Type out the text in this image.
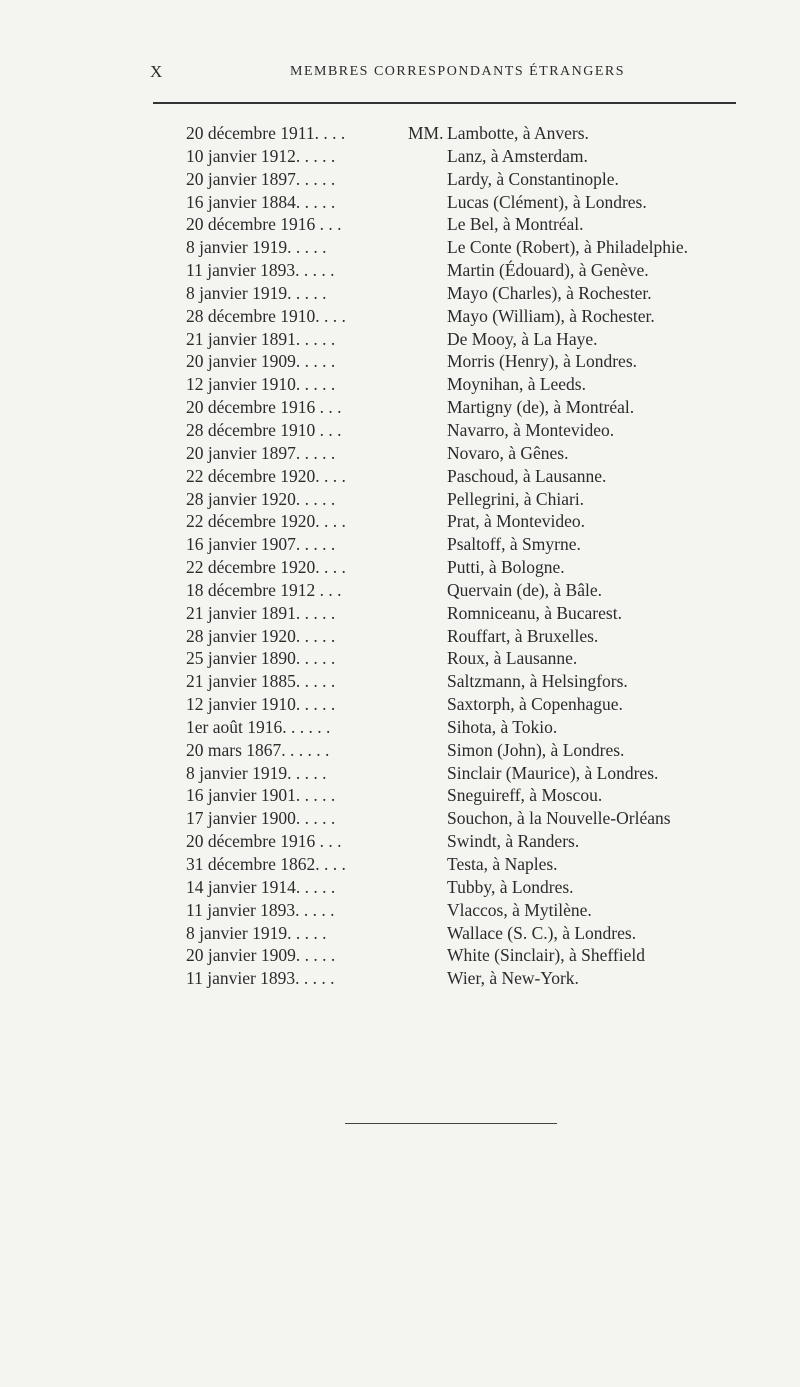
X	MEMBRES CORRESPONDANTS ÉTRANGERS
20 décembre 1911. . . .	MM. Lambotte, à Anvers.
10 janvier 1912. . . . .	Lanz, à Amsterdam.
20 janvier 1897. . . . .	Lardy, à Constantinople.
16 janvier 1884. . . . .	Lucas (Clément), à Londres.
20 décembre 1916 . . .	Le Bel, à Montréal.
8 janvier 1919. . . . .	Le Conte (Robert), à Philadelphie.
11 janvier 1893. . . . .	Martin (Édouard), à Genève.
8 janvier 1919. . . . .	Mayo (Charles), à Rochester.
28 décembre 1910. . . .	Mayo (William), à Rochester.
21 janvier 1891. . . . .	De Mooy, à La Haye.
20 janvier 1909. . . . .	Morris (Henry), à Londres.
12 janvier 1910. . . . .	Moynihan, à Leeds.
20 décembre 1916 . . .	Martigny (de), à Montréal.
28 décembre 1910 . . .	Navarro, à Montevideo.
20 janvier 1897. . . . .	Novaro, à Gênes.
22 décembre 1920. . . .	Paschoud, à Lausanne.
28 janvier 1920. . . . .	Pellegrini, à Chiari.
22 décembre 1920. . . .	Prat, à Montevideo.
16 janvier 1907. . . . .	Psaltoff, à Smyrne.
22 décembre 1920. . . .	Putti, à Bologne.
18 décembre 1912 . . .	Quervain (de), à Bâle.
21 janvier 1891. . . . .	Romniceanu, à Bucarest.
28 janvier 1920. . . . .	Rouffart, à Bruxelles.
25 janvier 1890. . . . .	Roux, à Lausanne.
21 janvier 1885. . . . .	Saltzmann, à Helsingfors.
12 janvier 1910. . . . .	Saxtorph, à Copenhague.
1er août 1916. . . . . .	Sihota, à Tokio.
20 mars 1867. . . . . .	Simon (John), à Londres.
8 janvier 1919. . . . .	Sinclair (Maurice), à Londres.
16 janvier 1901. . . . .	Sneguireff, à Moscou.
17 janvier 1900. . . . .	Souchon, à la Nouvelle-Orléans
20 décembre 1916 . . .	Swindt, à Randers.
31 décembre 1862. . . .	Testa, à Naples.
14 janvier 1914. . . . .	Tubby, à Londres.
11 janvier 1893. . . . .	Vlaccos, à Mytilène.
8 janvier 1919. . . . .	Wallace (S. C.), à Londres.
20 janvier 1909. . . . .	White (Sinclair), à Sheffield
11 janvier 1893. . . . .	Wier, à New-York.
